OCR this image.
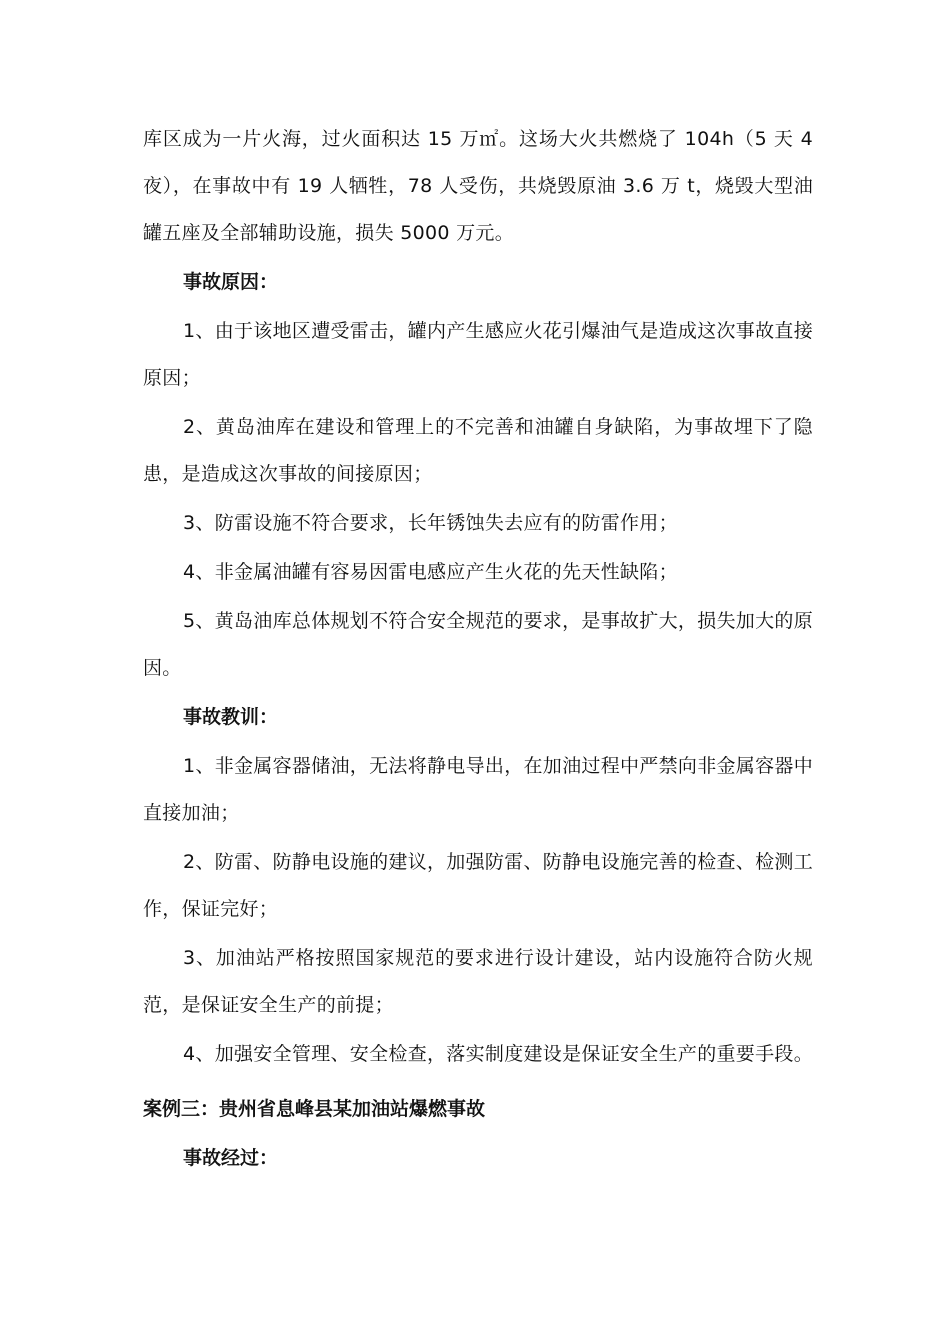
库区成为一片火海，过火面积达 15 万㎡。这场大火共燃烧了 104h（5 天 4 夜），在事故中有 19 人牺牲，78 人受伤，共烧毁原油 3.6 万 t，烧毁大型油罐五座及全部辅助设施，损失 5000 万元。

事故原因：

1、由于该地区遭受雷击，罐内产生感应火花引爆油气是造成这次事故直接原因；

2、黄岛油库在建设和管理上的不完善和油罐自身缺陷，为事故埋下了隐患，是造成这次事故的间接原因；

3、防雷设施不符合要求，长年锈蚀失去应有的防雷作用；

4、非金属油罐有容易因雷电感应产生火花的先天性缺陷；

5、黄岛油库总体规划不符合安全规范的要求，是事故扩大，损失加大的原因。

事故教训：

1、非金属容器储油，无法将静电导出，在加油过程中严禁向非金属容器中直接加油；

2、防雷、防静电设施的建议，加强防雷、防静电设施完善的检查、检测工作，保证完好；

3、加油站严格按照国家规范的要求进行设计建设，站内设施符合防火规范，是保证安全生产的前提；

4、加强安全管理、安全检查，落实制度建设是保证安全生产的重要手段。

案例三：贵州省息峰县某加油站爆燃事故

事故经过：
